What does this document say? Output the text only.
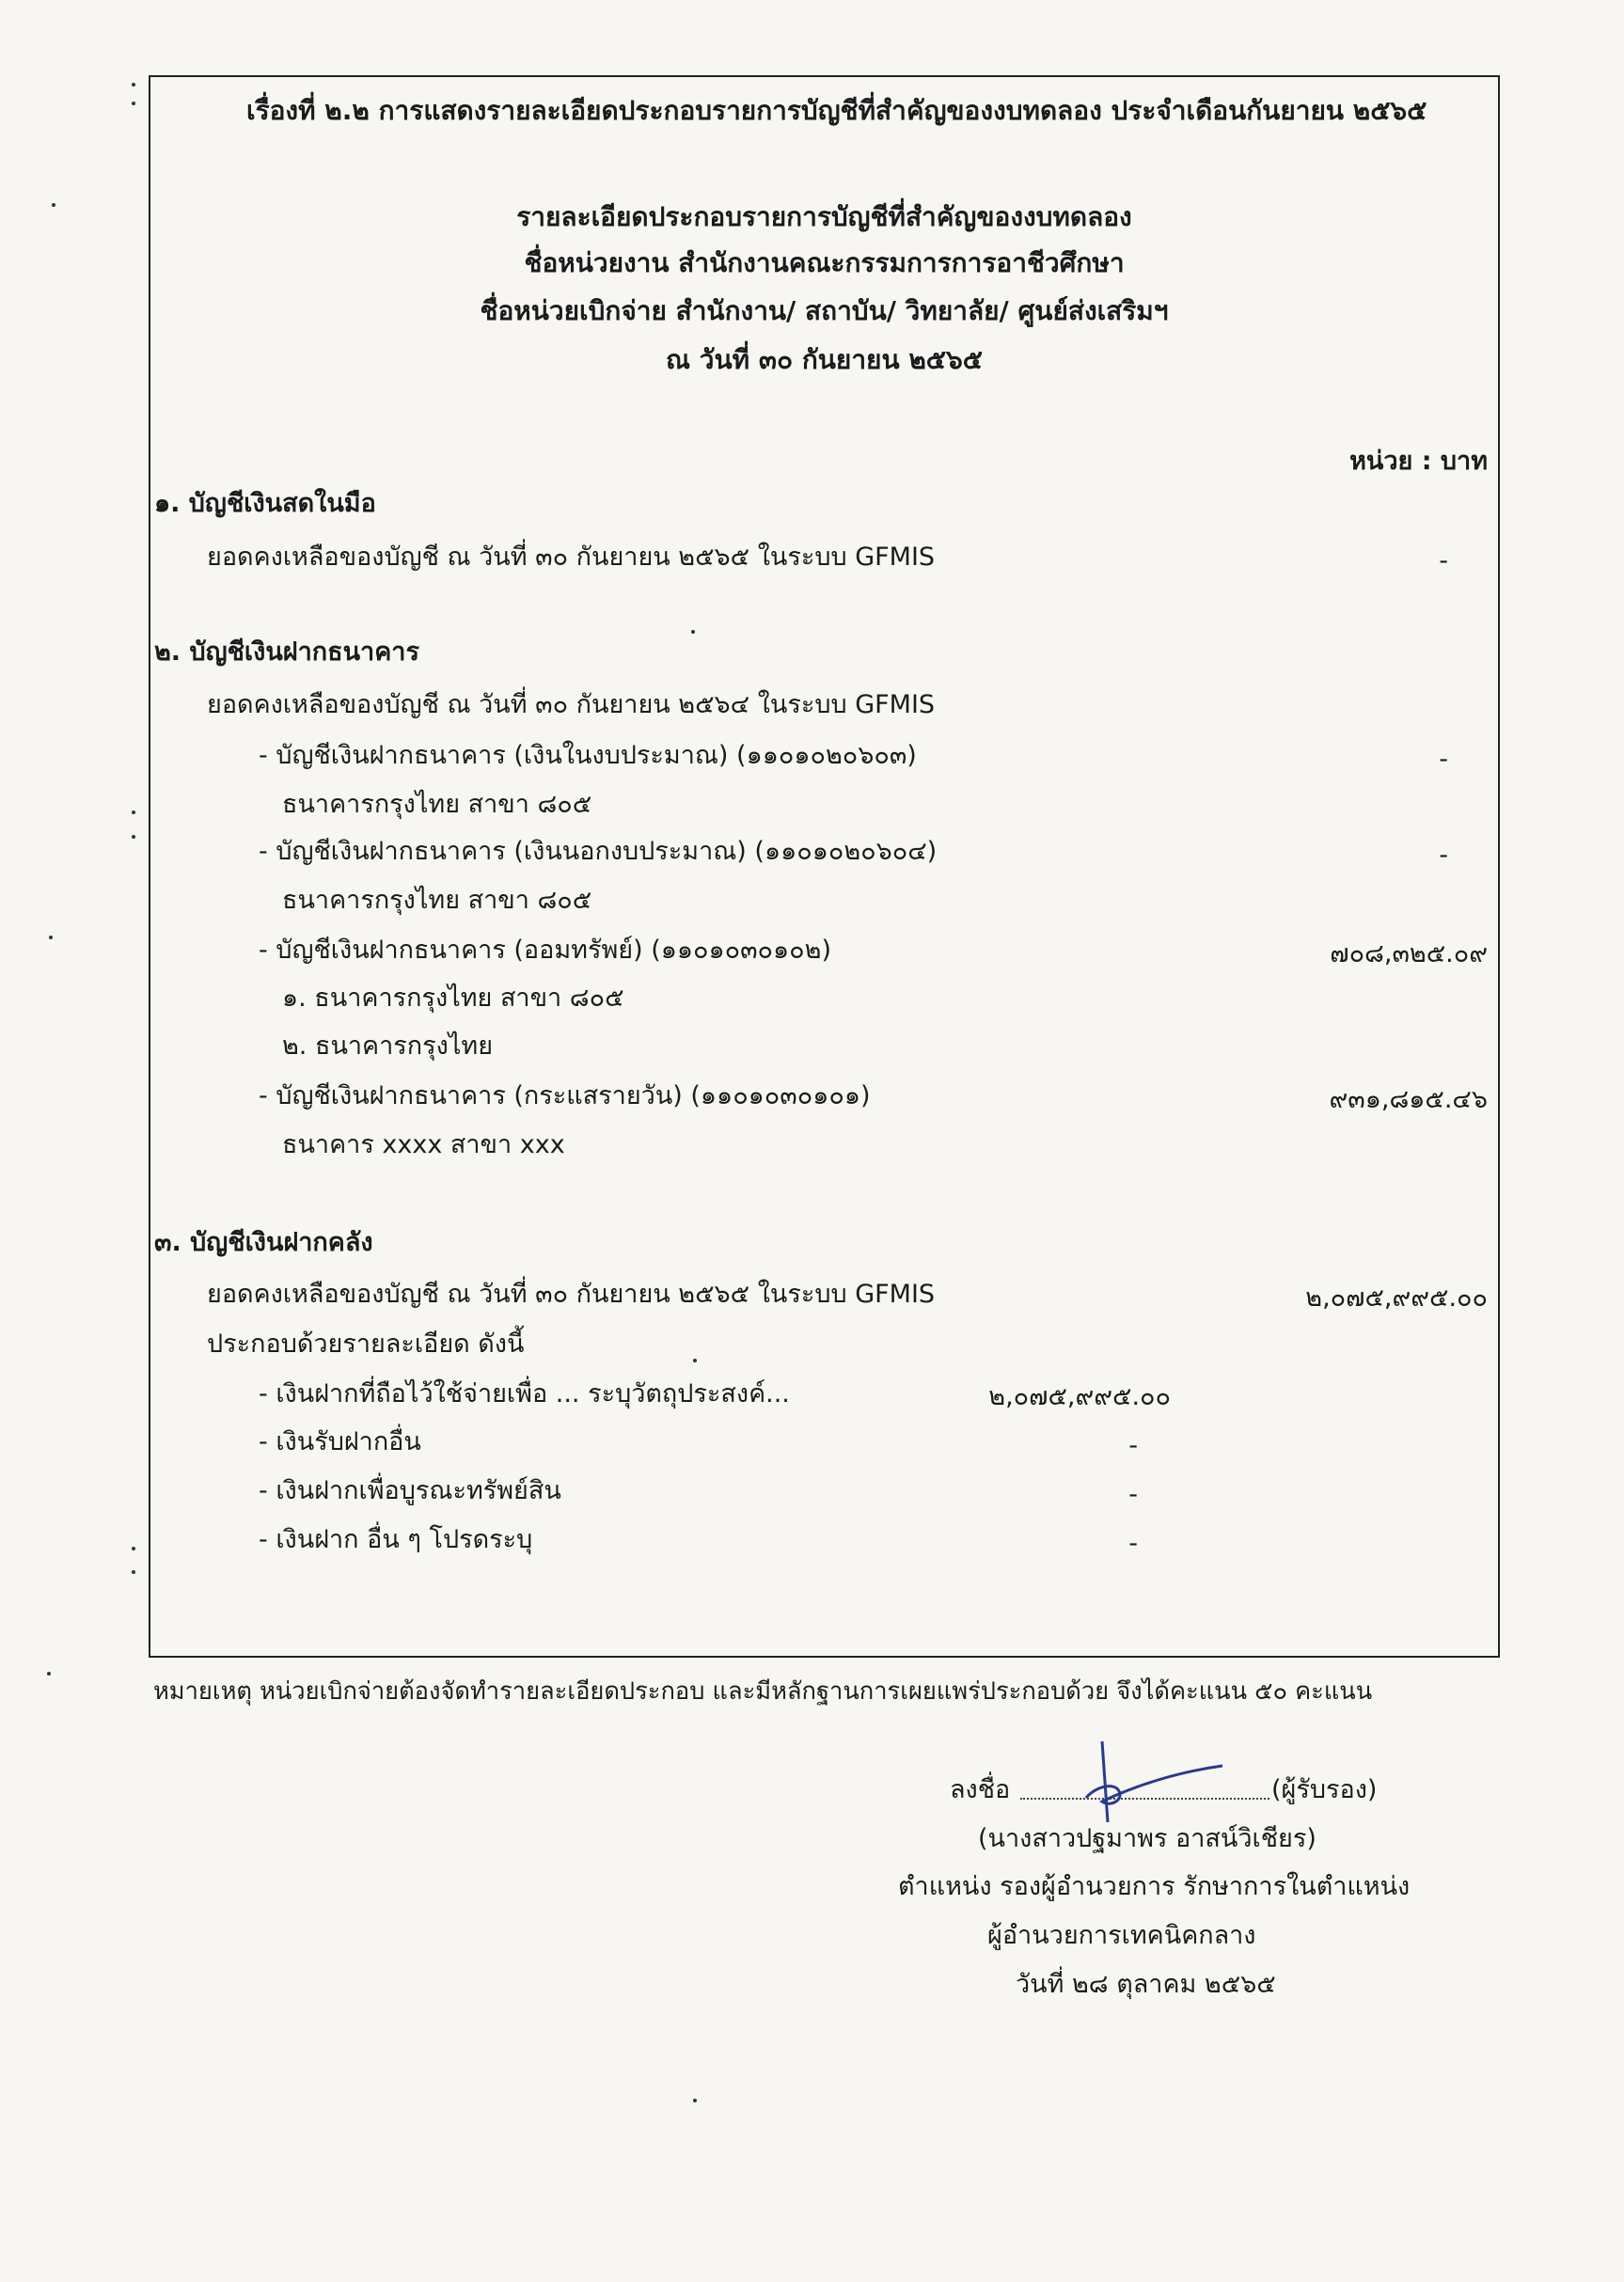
เรื่องที่ ๒.๒ การแสดงรายละเอียดประกอบรายการบัญชีที่สำคัญของงบทดลอง ประจำเดือนกันยายน ๒๕๖๕
รายละเอียดประกอบรายการบัญชีที่สำคัญของงบทดลอง
ชื่อหน่วยงาน สำนักงานคณะกรรมการการอาชีวศึกษา
ชื่อหน่วยเบิกจ่าย สำนักงาน/ สถาบัน/ วิทยาลัย/ ศูนย์ส่งเสริมฯ
ณ วันที่ ๓๐ กันยายน ๒๕๖๕
หน่วย : บาท
๑. บัญชีเงินสดในมือ
ยอดคงเหลือของบัญชี ณ วันที่ ๓๐ กันยายน ๒๕๖๕ ในระบบ GFMIS	-
๒. บัญชีเงินฝากธนาคาร
ยอดคงเหลือของบัญชี ณ วันที่ ๓๐ กันยายน ๒๕๖๔ ในระบบ GFMIS
- บัญชีเงินฝากธนาคาร (เงินในงบประมาณ) (๑๑๐๑๐๒๐๖๐๓)	-
ธนาคารกรุงไทย สาขา ๘๐๕
- บัญชีเงินฝากธนาคาร (เงินนอกงบประมาณ) (๑๑๐๑๐๒๐๖๐๔)	-
ธนาคารกรุงไทย สาขา ๘๐๕
- บัญชีเงินฝากธนาคาร (ออมทรัพย์) (๑๑๐๑๐๓๐๑๐๒)	๗๐๘,๓๒๕.๐๙
๑. ธนาคารกรุงไทย สาขา ๘๐๕
๒. ธนาคารกรุงไทย
- บัญชีเงินฝากธนาคาร (กระแสรายวัน) (๑๑๐๑๐๓๐๑๐๑)	๙๓๑,๘๑๕.๔๖
ธนาคาร xxxx สาขา xxx
๓. บัญชีเงินฝากคลัง
ยอดคงเหลือของบัญชี ณ วันที่ ๓๐ กันยายน ๒๕๖๕ ในระบบ GFMIS	๒,๐๗๕,๙๙๕.๐๐
ประกอบด้วยรายละเอียด ดังนี้
- เงินฝากที่ถือไว้ใช้จ่ายเพื่อ ... ระบุวัตถุประสงค์...	๒,๐๗๕,๙๙๕.๐๐
- เงินรับฝากอื่น	-
- เงินฝากเพื่อบูรณะทรัพย์สิน	-
- เงินฝาก อื่น ๆ โปรดระบุ	-
หมายเหตุ หน่วยเบิกจ่ายต้องจัดทำรายละเอียดประกอบ และมีหลักฐานการเผยแพร่ประกอบด้วย จึงได้คะแนน ๕๐ คะแนน
ลงชื่อ	(ผู้รับรอง)
(นางสาวปฐมาพร อาสน์วิเชียร)
ตำแหน่ง รองผู้อำนวยการ รักษาการในตำแหน่ง
ผู้อำนวยการเทคนิคกลาง
วันที่ ๒๘ ตุลาคม ๒๕๖๕
